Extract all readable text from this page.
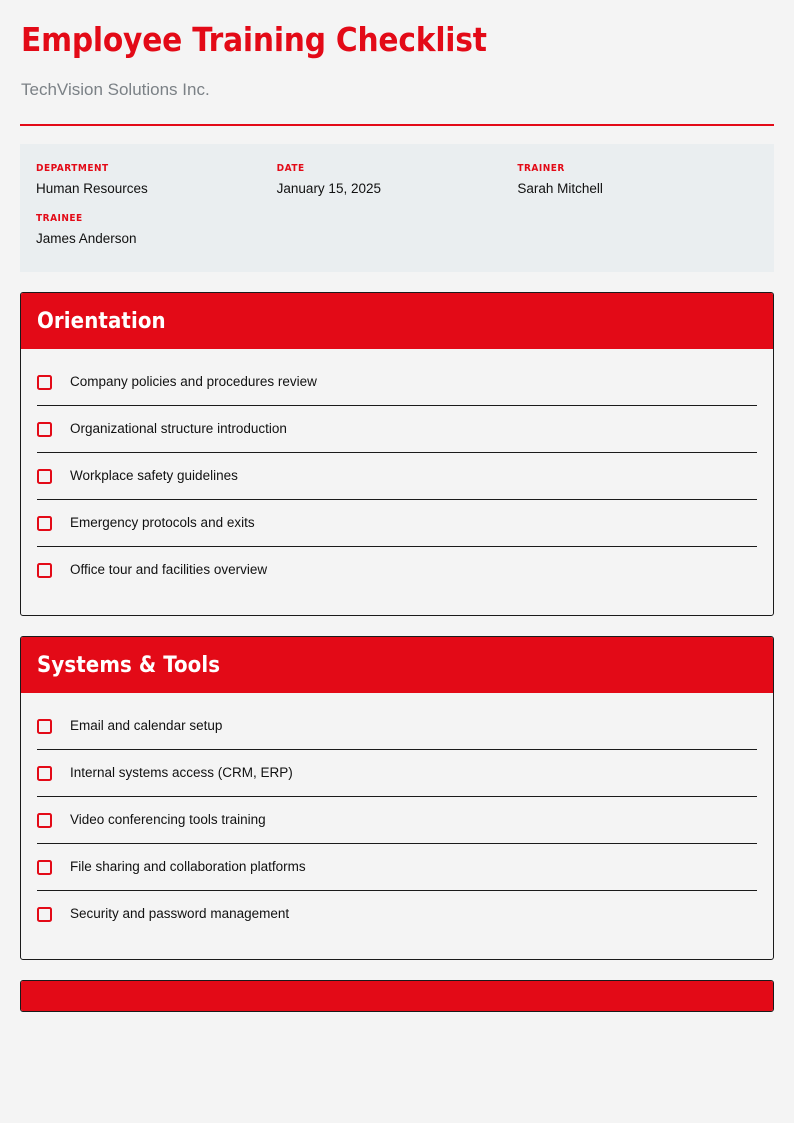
Employee Training Checklist
TechVision Solutions Inc.
DEPARTMENT
Human Resources
DATE
January 15, 2025
TRAINER
Sarah Mitchell
TRAINEE
James Anderson
Orientation
Company policies and procedures review
Organizational structure introduction
Workplace safety guidelines
Emergency protocols and exits
Office tour and facilities overview
Systems & Tools
Email and calendar setup
Internal systems access (CRM, ERP)
Video conferencing tools training
File sharing and collaboration platforms
Security and password management
